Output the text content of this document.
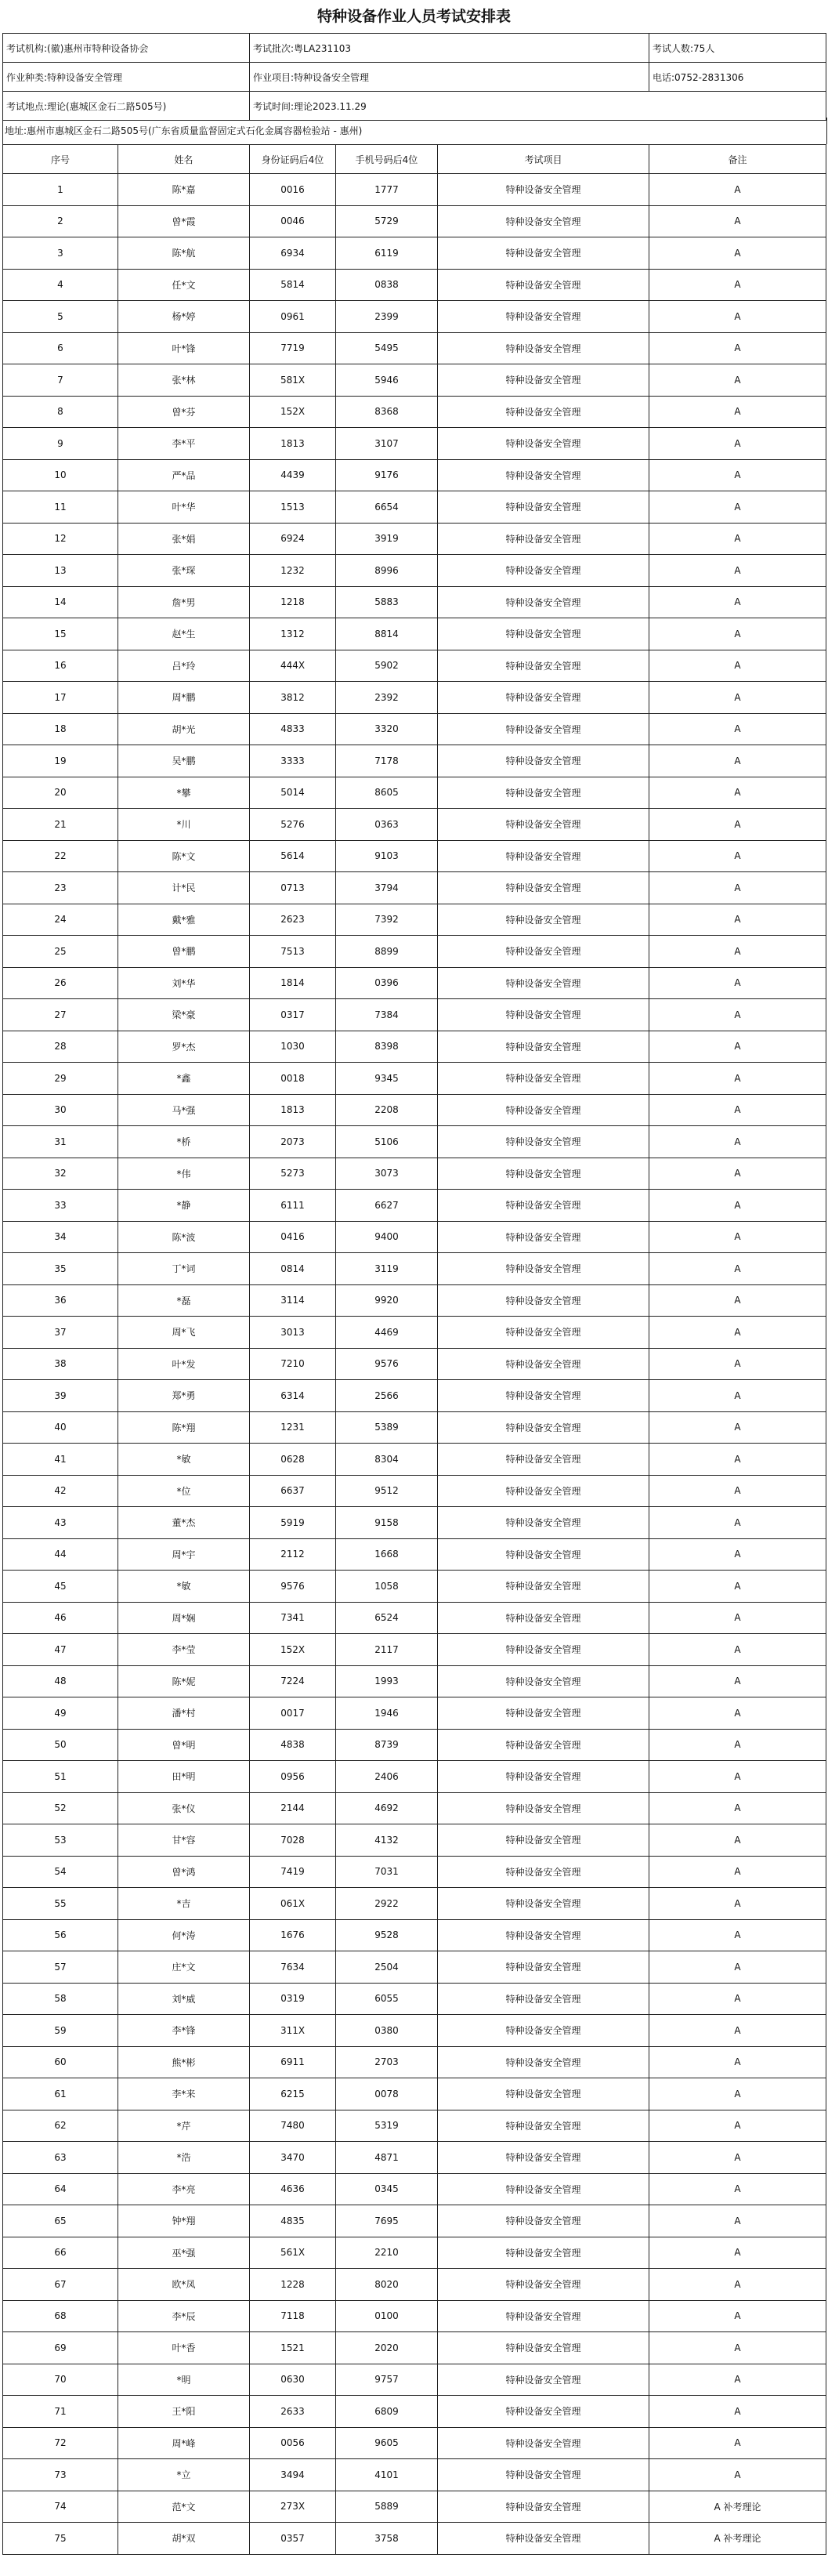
特种设备作业人员考试安排表
考试机构:(徽)惠州市特种设备协会	考试批次:粤LA231103	考试人数:75人
作业种类:特种设备安全管理	作业项目:特种设备安全管理	电话:0752-2831306
考试地点:理论(惠城区金石二路505号)	考试时间:理论2023.11.29	
地址:惠州市惠城区金石二路505号(广东省质量监督固定式石化金属容器检验站 - 惠州)
序号	姓名	身份证码后4位	手机号码后4位	考试项目	备注
1	陈*嘉	0016	1777	特种设备安全管理	A
2	曾*霞	0046	5729	特种设备安全管理	A
3	陈*航	6934	6119	特种设备安全管理	A
4	任*文	5814	0838	特种设备安全管理	A
5	杨*婷	0961	2399	特种设备安全管理	A
6	叶*锋	7719	5495	特种设备安全管理	A
7	张*林	581X	5946	特种设备安全管理	A
8	曾*芬	152X	8368	特种设备安全管理	A
9	李*平	1813	3107	特种设备安全管理	A
10	严*品	4439	9176	特种设备安全管理	A
11	叶*华	1513	6654	特种设备安全管理	A
12	张*娟	6924	3919	特种设备安全管理	A
13	张*琛	1232	8996	特种设备安全管理	A
14	詹*男	1218	5883	特种设备安全管理	A
15	赵*生	1312	8814	特种设备安全管理	A
16	吕*玲	444X	5902	特种设备安全管理	A
17	周*鹏	3812	2392	特种设备安全管理	A
18	胡*光	4833	3320	特种设备安全管理	A
19	吴*鹏	3333	7178	特种设备安全管理	A
20	*攀	5014	8605	特种设备安全管理	A
21	*川	5276	0363	特种设备安全管理	A
22	陈*文	5614	9103	特种设备安全管理	A
23	计*民	0713	3794	特种设备安全管理	A
24	戴*雅	2623	7392	特种设备安全管理	A
25	曾*鹏	7513	8899	特种设备安全管理	A
26	刘*华	1814	0396	特种设备安全管理	A
27	梁*豪	0317	7384	特种设备安全管理	A
28	罗*杰	1030	8398	特种设备安全管理	A
29	*鑫	0018	9345	特种设备安全管理	A
30	马*强	1813	2208	特种设备安全管理	A
31	*桥	2073	5106	特种设备安全管理	A
32	*伟	5273	3073	特种设备安全管理	A
33	*静	6111	6627	特种设备安全管理	A
34	陈*波	0416	9400	特种设备安全管理	A
35	丁*词	0814	3119	特种设备安全管理	A
36	*磊	3114	9920	特种设备安全管理	A
37	周*飞	3013	4469	特种设备安全管理	A
38	叶*发	7210	9576	特种设备安全管理	A
39	郑*勇	6314	2566	特种设备安全管理	A
40	陈*翔	1231	5389	特种设备安全管理	A
41	*敏	0628	8304	特种设备安全管理	A
42	*位	6637	9512	特种设备安全管理	A
43	董*杰	5919	9158	特种设备安全管理	A
44	周*宇	2112	1668	特种设备安全管理	A
45	*敏	9576	1058	特种设备安全管理	A
46	周*娴	7341	6524	特种设备安全管理	A
47	李*莹	152X	2117	特种设备安全管理	A
48	陈*妮	7224	1993	特种设备安全管理	A
49	潘*村	0017	1946	特种设备安全管理	A
50	曾*明	4838	8739	特种设备安全管理	A
51	田*明	0956	2406	特种设备安全管理	A
52	张*仪	2144	4692	特种设备安全管理	A
53	甘*容	7028	4132	特种设备安全管理	A
54	曾*鸿	7419	7031	特种设备安全管理	A
55	*吉	061X	2922	特种设备安全管理	A
56	何*涛	1676	9528	特种设备安全管理	A
57	庄*文	7634	2504	特种设备安全管理	A
58	刘*威	0319	6055	特种设备安全管理	A
59	李*锋	311X	0380	特种设备安全管理	A
60	熊*彬	6911	2703	特种设备安全管理	A
61	李*来	6215	0078	特种设备安全管理	A
62	*芹	7480	5319	特种设备安全管理	A
63	*浩	3470	4871	特种设备安全管理	A
64	李*亮	4636	0345	特种设备安全管理	A
65	钟*翔	4835	7695	特种设备安全管理	A
66	巫*强	561X	2210	特种设备安全管理	A
67	欧*凤	1228	8020	特种设备安全管理	A
68	李*辰	7118	0100	特种设备安全管理	A
69	叶*香	1521	2020	特种设备安全管理	A
70	*明	0630	9757	特种设备安全管理	A
71	王*阳	2633	6809	特种设备安全管理	A
72	周*峰	0056	9605	特种设备安全管理	A
73	*立	3494	4101	特种设备安全管理	A
74	范*文	273X	5889	特种设备安全管理	A 补考理论
75	胡*双	0357	3758	特种设备安全管理	A 补考理论
